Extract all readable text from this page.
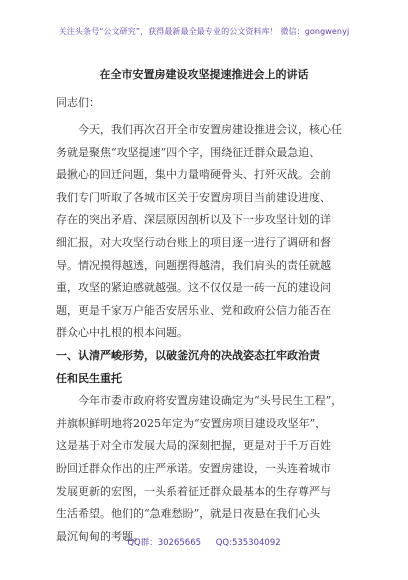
关注头条号“公文研究”，获得最新最全最专业的公文资料库！ 微信：gongwenyj
在全市安置房建设攻坚提速推进会上的讲话
同志们：
今天，我们再次召开全市安置房建设推进会议，核心任
务就是聚焦“攻坚提速”四个字，围绕征迁群众最急迫、
最揪心的回迁问题，集中力量啃硬骨头、打歼灭战。会前
我们专门听取了各城市区关于安置房项目当前建设进度、
存在的突出矛盾、深层原因剖析以及下一步攻坚计划的详
细汇报，对大攻坚行动台账上的项目逐一进行了调研和督
导。情况摸得越透，问题摆得越清，我们肩头的责任就越
重，攻坚的紧迫感就越强。这不仅仅是一砖一瓦的建设问
题，更是千家万户能否安居乐业、党和政府公信力能否在
群众心中扎根的根本问题。
一、认清严峻形势，以破釜沉舟的决战姿态扛牢政治责
任和民生重托
今年市委市政府将安置房建设确定为“头号民生工程”，
并旗帜鲜明地将2025年定为“安置房项目建设攻坚年”，
这是基于对全市发展大局的深刻把握，更是对于千万百姓
盼回迁群众作出的庄严承诺。安置房建设，一头连着城市
发展更新的宏图，一头系着征迁群众最基本的生存尊严与
生活希望。他们的“急难愁盼”，就是日夜悬在我们心头
最沉甸甸的考题。
QQ群：30265665 QQ:535304092
